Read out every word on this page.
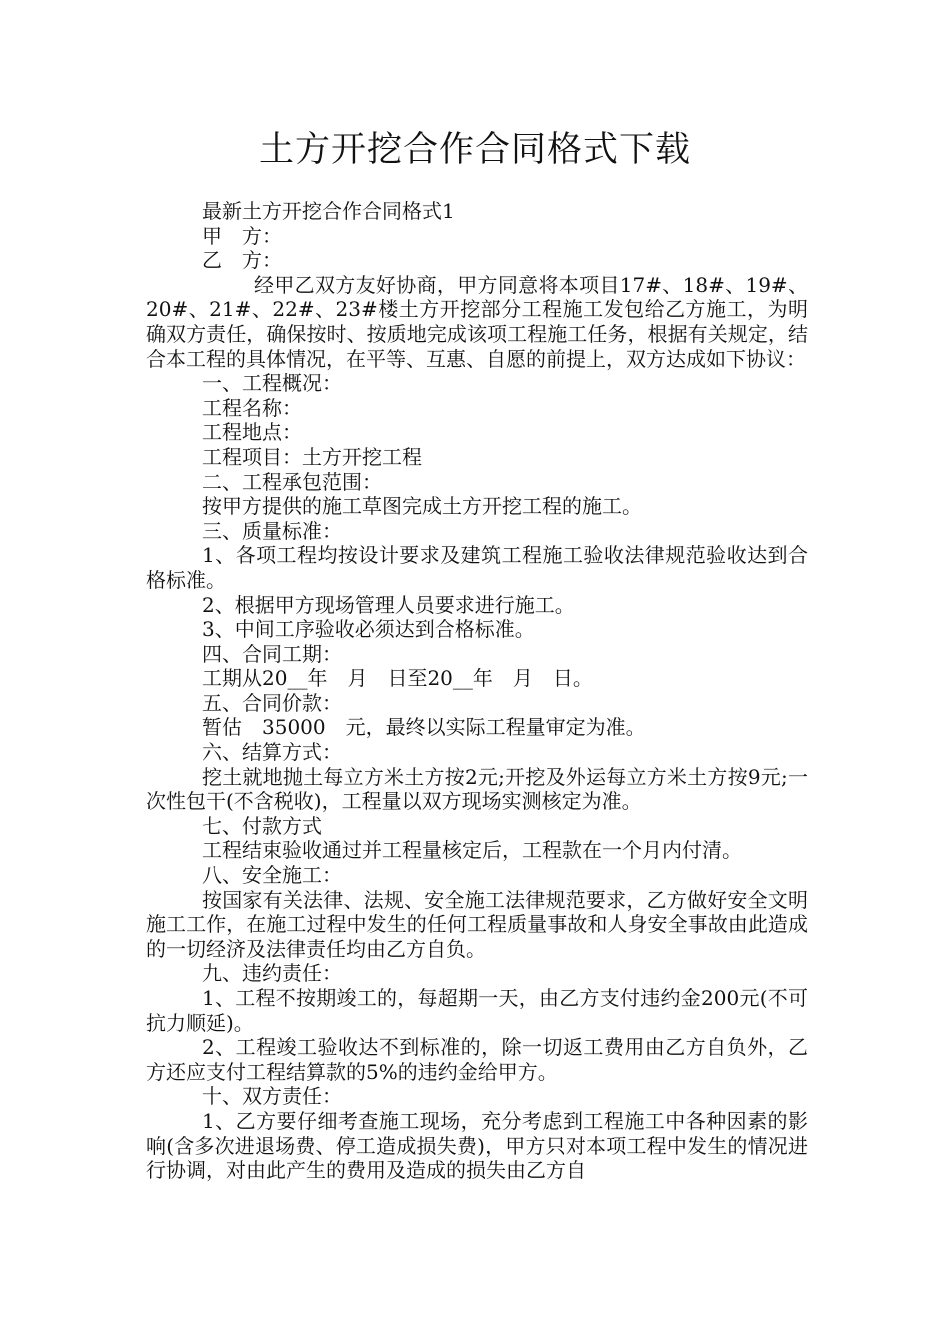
土方开挖合作合同格式下载

最新土方开挖合作合同格式1

甲　方：

乙　方：

经甲乙双方友好协商，甲方同意将本项目17#、18#、19#、20#、21#、22#、23#楼土方开挖部分工程施工发包给乙方施工，为明确双方责任，确保按时、按质地完成该项工程施工任务，根据有关规定，结合本工程的具体情况，在平等、互惠、自愿的前提上，双方达成如下协议：

一、工程概况：

工程名称：

工程地点：

工程项目：土方开挖工程

二、工程承包范围：

按甲方提供的施工草图完成土方开挖工程的施工。

三、质量标准：

1、各项工程均按设计要求及建筑工程施工验收法律规范验收达到合格标准。

2、根据甲方现场管理人员要求进行施工。

3、中间工序验收必须达到合格标准。

四、合同工期：

工期从20__年　月　日至20__年　月　日。

五、合同价款：

暂估　35000　元，最终以实际工程量审定为准。

六、结算方式：

挖土就地抛土每立方米土方按2元;开挖及外运每立方米土方按9元;一次性包干(不含税收)，工程量以双方现场实测核定为准。

七、付款方式

工程结束验收通过并工程量核定后，工程款在一个月内付清。

八、安全施工：

按国家有关法律、法规、安全施工法律规范要求，乙方做好安全文明施工工作，在施工过程中发生的任何工程质量事故和人身安全事故由此造成的一切经济及法律责任均由乙方自负。

九、违约责任：

1、工程不按期竣工的，每超期一天，由乙方支付违约金200元(不可抗力顺延)。

2、工程竣工验收达不到标准的，除一切返工费用由乙方自负外，乙方还应支付工程结算款的5%的违约金给甲方。

十、双方责任：

1、乙方要仔细考查施工现场，充分考虑到工程施工中各种因素的影响(含多次进退场费、停工造成损失费)，甲方只对本项工程中发生的情况进行协调，对由此产生的费用及造成的损失由乙方自
